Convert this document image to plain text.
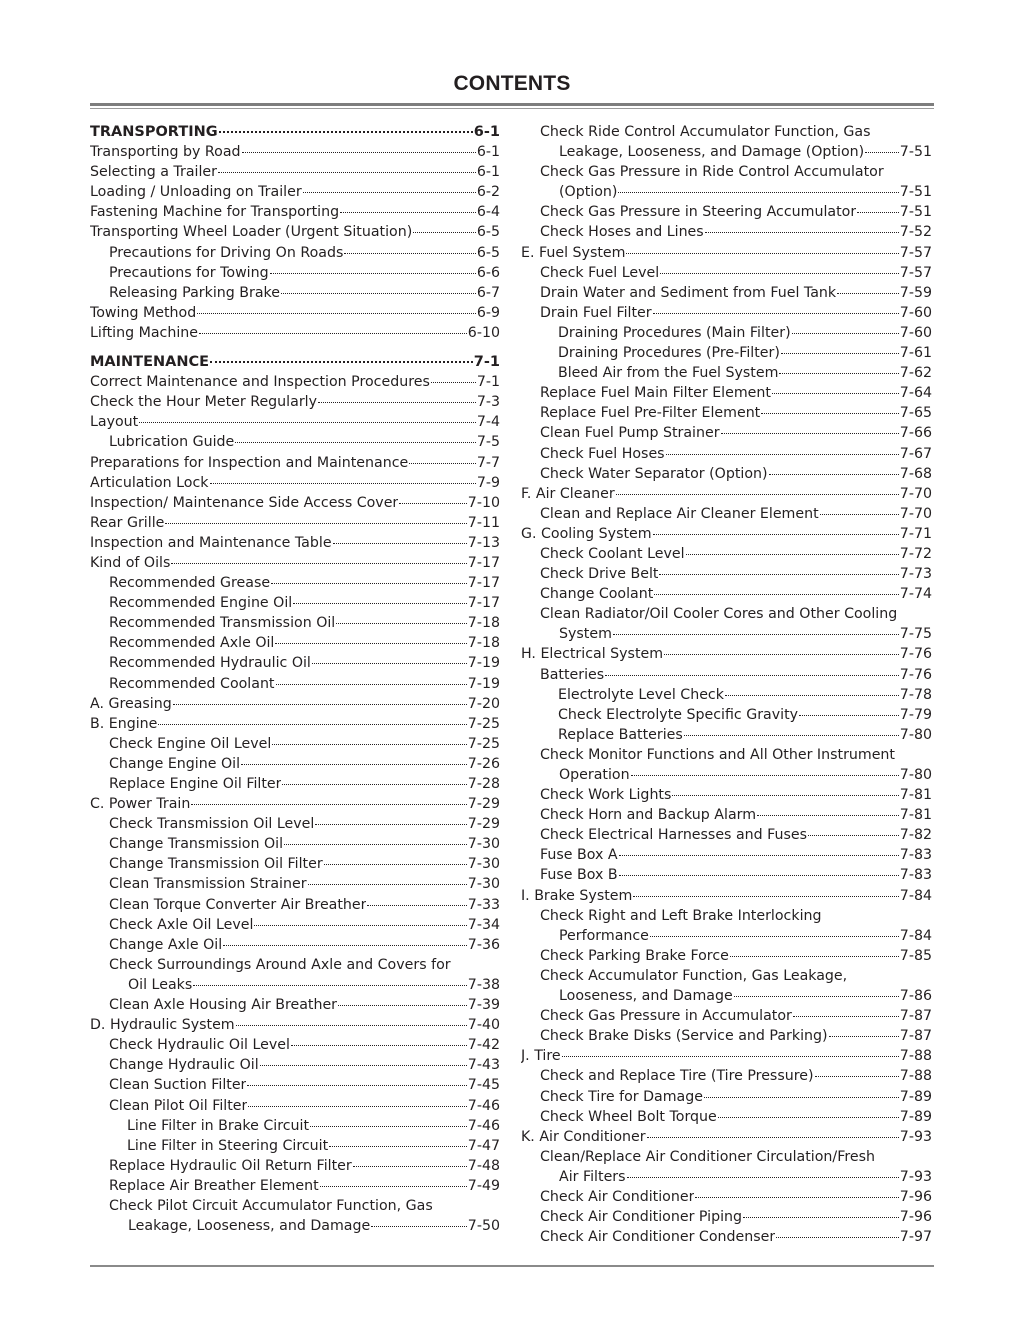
CONTENTS
TRANSPORTING	6-1
Transporting by Road	6-1
Selecting a Trailer	6-1
Loading / Unloading on Trailer	6-2
Fastening Machine for Transporting	6-4
Transporting Wheel Loader (Urgent Situation)	6-5
Precautions for Driving On Roads	6-5
Precautions for Towing	6-6
Releasing Parking Brake	6-7
Towing Method	6-9
Lifting Machine	6-10
MAINTENANCE	7-1
Correct Maintenance and Inspection Procedures	7-1
Check the Hour Meter Regularly	7-3
Layout	7-4
Lubrication Guide	7-5
Preparations for Inspection and Maintenance	7-7
Articulation Lock	7-9
Inspection/ Maintenance Side Access Cover	7-10
Rear Grille	7-11
Inspection and Maintenance Table	7-13
Kind of Oils	7-17
Recommended Grease	7-17
Recommended Engine Oil	7-17
Recommended Transmission Oil	7-18
Recommended Axle Oil	7-18
Recommended Hydraulic Oil	7-19
Recommended Coolant	7-19
A. Greasing	7-20
B. Engine	7-25
Check Engine Oil Level	7-25
Change Engine Oil	7-26
Replace Engine Oil Filter	7-28
C. Power Train	7-29
Check Transmission Oil Level	7-29
Change Transmission Oil	7-30
Change Transmission Oil Filter	7-30
Clean Transmission Strainer	7-30
Clean Torque Converter Air Breather	7-33
Check Axle Oil Level	7-34
Change Axle Oil	7-36
Check Surroundings Around Axle and Covers for
Oil Leaks	7-38
Clean Axle Housing Air Breather	7-39
D. Hydraulic System	7-40
Check Hydraulic Oil Level	7-42
Change Hydraulic Oil	7-43
Clean Suction Filter	7-45
Clean Pilot Oil Filter	7-46
Line Filter in Brake Circuit	7-46
Line Filter in Steering Circuit	7-47
Replace Hydraulic Oil Return Filter	7-48
Replace Air Breather Element	7-49
Check Pilot Circuit Accumulator Function, Gas
Leakage, Looseness, and Damage	7-50
Check Ride Control Accumulator Function, Gas
Leakage, Looseness, and Damage (Option)	7-51
Check Gas Pressure in Ride Control Accumulator
(Option)	7-51
Check Gas Pressure in Steering Accumulator	7-51
Check Hoses and Lines	7-52
E. Fuel System	7-57
Check Fuel Level	7-57
Drain Water and Sediment from Fuel Tank	7-59
Drain Fuel Filter	7-60
Draining Procedures (Main Filter)	7-60
Draining Procedures (Pre-Filter)	7-61
Bleed Air from the Fuel System	7-62
Replace Fuel Main Filter Element	7-64
Replace Fuel Pre-Filter Element	7-65
Clean Fuel Pump Strainer	7-66
Check Fuel Hoses	7-67
Check Water Separator (Option)	7-68
F. Air Cleaner	7-70
Clean and Replace Air Cleaner Element	7-70
G. Cooling System	7-71
Check Coolant Level	7-72
Check Drive Belt	7-73
Change Coolant	7-74
Clean Radiator/Oil Cooler Cores and Other Cooling
System	7-75
H. Electrical System	7-76
Batteries	7-76
Electrolyte Level Check	7-78
Check Electrolyte Specific Gravity	7-79
Replace Batteries	7-80
Check Monitor Functions and All Other Instrument
Operation	7-80
Check Work Lights	7-81
Check Horn and Backup Alarm	7-81
Check Electrical Harnesses and Fuses	7-82
Fuse Box A	7-83
Fuse Box B	7-83
I. Brake System	7-84
Check Right and Left Brake Interlocking
Performance	7-84
Check Parking Brake Force	7-85
Check Accumulator Function, Gas Leakage,
Looseness, and Damage	7-86
Check Gas Pressure in Accumulator	7-87
Check Brake Disks (Service and Parking)	7-87
J. Tire	7-88
Check and Replace Tire (Tire Pressure)	7-88
Check Tire for Damage	7-89
Check Wheel Bolt Torque	7-89
K. Air Conditioner	7-93
Clean/Replace Air Conditioner Circulation/Fresh
Air Filters	7-93
Check Air Conditioner	7-96
Check Air Conditioner Piping	7-96
Check Air Conditioner Condenser	7-97
